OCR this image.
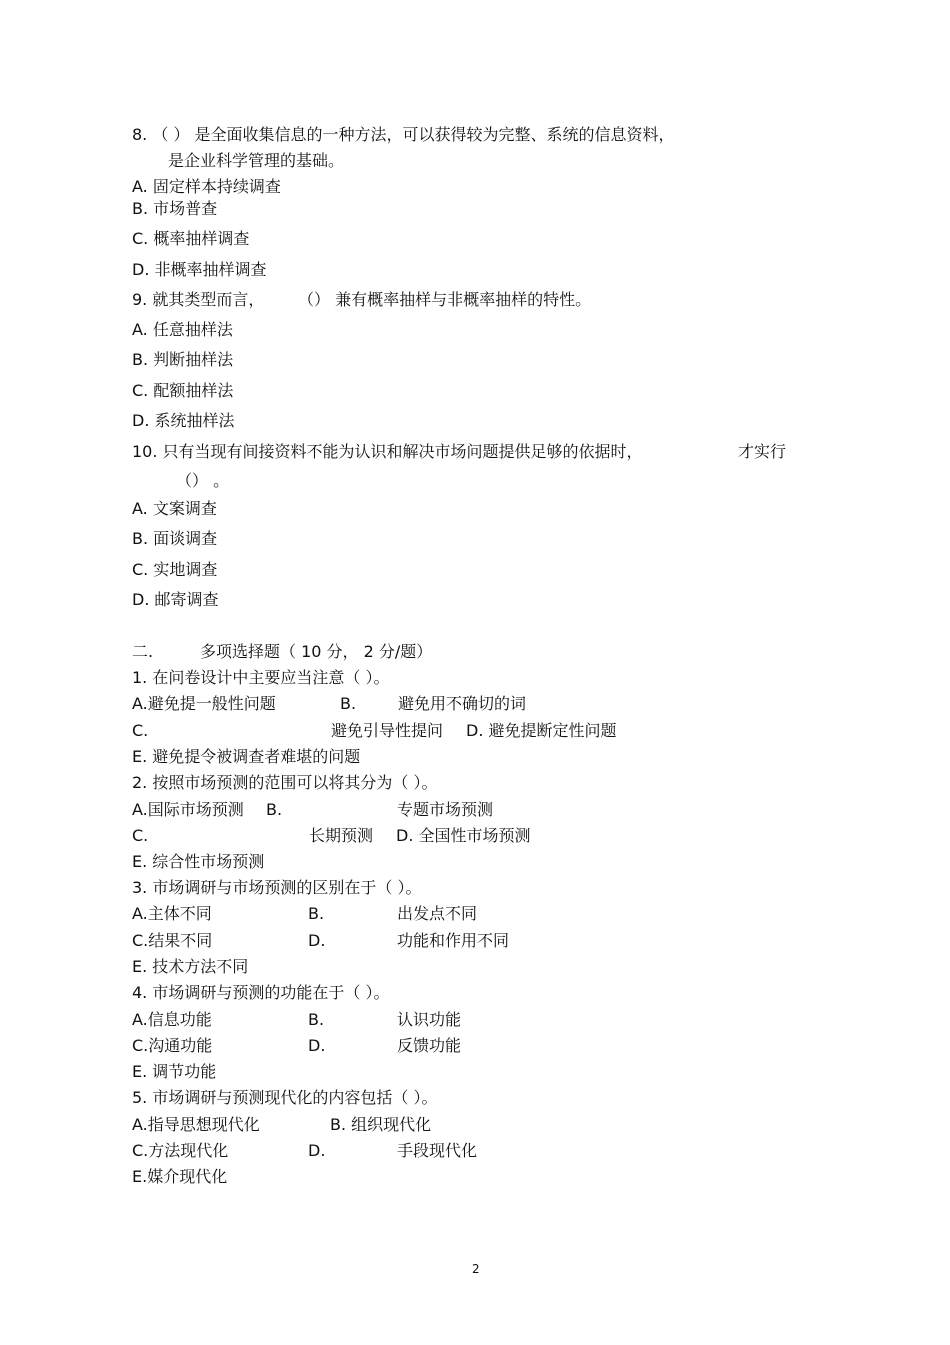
8. （ ） 是全面收集信息的一种方法，可以获得较为完整、系统的信息资料，
是企业科学管理的基础。
A. 固定样本持续调查
B. 市场普查
C. 概率抽样调查
D. 非概率抽样调查
9. 就其类型而言， （） 兼有概率抽样与非概率抽样的特性。
A. 任意抽样法
B. 判断抽样法
C. 配额抽样法
D. 系统抽样法
10. 只有当现有间接资料不能为认识和解决市场问题提供足够的依据时，	才实行
（） 。
A. 文案调查
B. 面谈调查
C. 实地调查
D. 邮寄调查
二.	多项选择题（ 10 分， 2 分/题）
1. 在问卷设计中主要应当注意（ ）。
A.避免提一般性问题	B.	避免用不确切的词
C.	避免引导性提问 D. 避免提断定性问题
E. 避免提令被调查者难堪的问题
2. 按照市场预测的范围可以将其分为（ ）。
A.国际市场预测 B.	专题市场预测
C.	长期预测 D. 全国性市场预测
E. 综合性市场预测
3. 市场调研与市场预测的区别在于（ ）。
A.主体不同	B.	出发点不同
C.结果不同	D.	功能和作用不同
E. 技术方法不同
4. 市场调研与预测的功能在于（ ）。
A.信息功能	B.	认识功能
C.沟通功能	D.	反馈功能
E. 调节功能
5. 市场调研与预测现代化的内容包括（ ）。
A.指导思想现代化	B. 组织现代化
C.方法现代化	D.	手段现代化
E.媒介现代化
2
